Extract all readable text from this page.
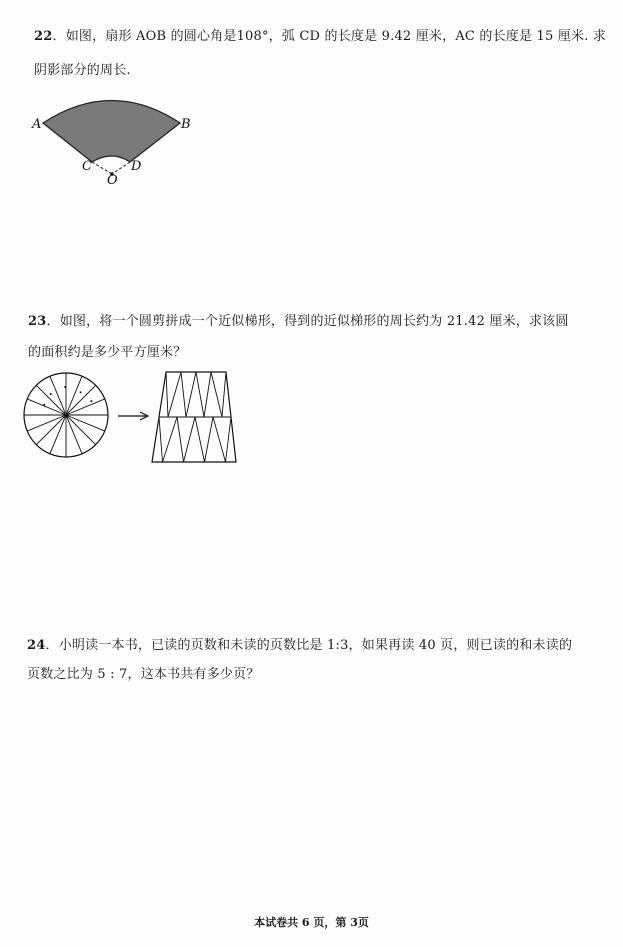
22．如图，扇形 AOB 的圆心角是108°，弧 CD 的长度是 9.42 厘米，AC 的长度是 15 厘米. 求
阴影部分的周长.
A	B
C	D
O
23．如图，将一个圆剪拼成一个近似梯形，得到的近似梯形的周长约为 21.42 厘米，求该圆
的面积约是多少平方厘米？
24．小明读一本书，已读的页数和未读的页数比是 1:3，如果再读 40 页，则已读的和未读的
页数之比为 5 : 7，这本书共有多少页？
本试卷共 6 页，第 3页
